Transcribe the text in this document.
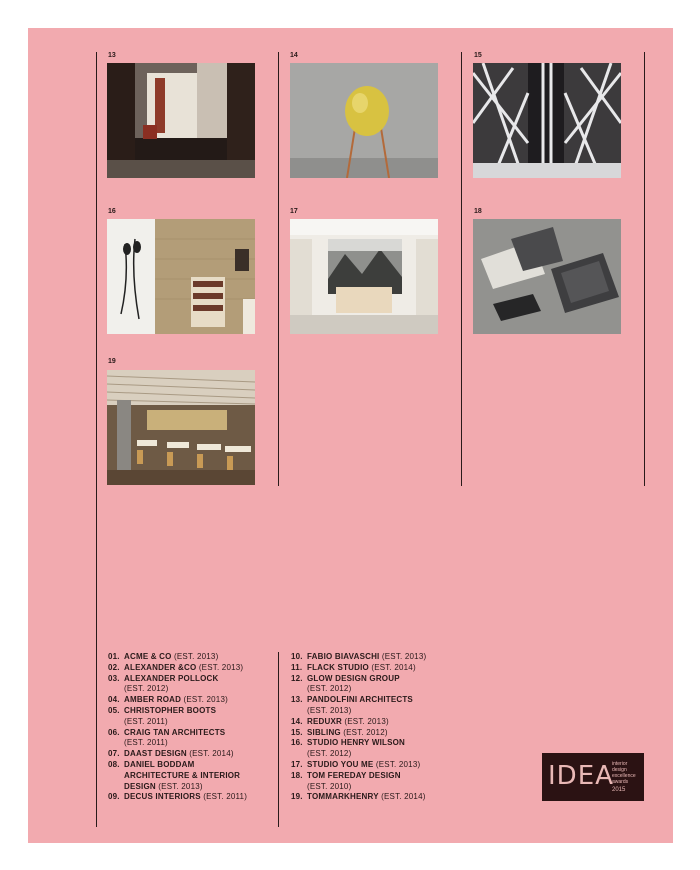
13	14	15
16	17	18
19
01. ACME & CO (EST. 2013)
02. ALEXANDER &CO (EST. 2013)
03. ALEXANDER POLLOCK
(EST. 2012)
04. AMBER ROAD (EST. 2013)
05. CHRISTOPHER BOOTS
(EST. 2011)
06. CRAIG TAN ARCHITECTS
(EST. 2011)
07. DAAST DESIGN (EST. 2014)
08. DANIEL BODDAM
ARCHITECTURE & INTERIOR
DESIGN (EST. 2013)
09. DECUS INTERIORS (EST. 2011)
10. FABIO BIAVASCHI (EST. 2013)
11. FLACK STUDIO (EST. 2014)
12. GLOW DESIGN GROUP
(EST. 2012)
13. PANDOLFINI ARCHITECTS
(EST. 2013)
14. REDUXR (EST. 2013)
15. SIBLING (EST. 2012)
16. STUDIO HENRY WILSON
(EST. 2012)
17. STUDIO YOU ME (EST. 2013)
18. TOM FEREDAY DESIGN
(EST. 2010)
19. TOMMARKHENRY (EST. 2014)
IDEA
interior
design
excellence
awards
2015
